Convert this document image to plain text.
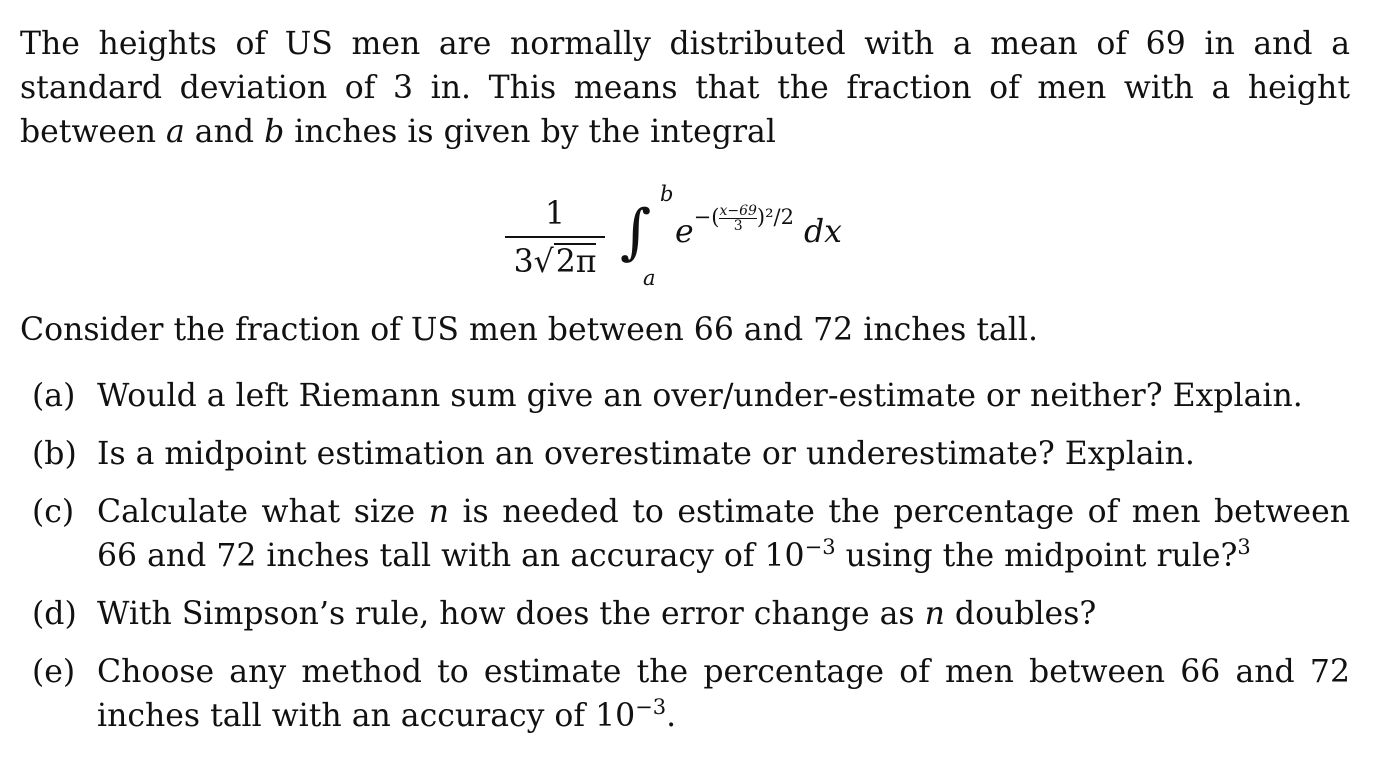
The heights of US men are normally distributed with a mean of 69 in and a standard deviation of 3 in. This means that the fraction of men with a height between a and b inches is given by the integral

1
3√2π ∫
b
a
$e^{-(\frac{x-69}{3})^2/2}$ dx

Consider the fraction of US men between 66 and 72 inches tall.

(a) Would a left Riemann sum give an over/under-estimate or neither? Explain.
(b) Is a midpoint estimation an overestimate or underestimate? Explain.
(c) Calculate what size n is needed to estimate the percentage of men between 66 and 72 inches tall with an accuracy of $10^{-3}$ using the midpoint rule?$^3$
(d) With Simpson’s rule, how does the error change as n doubles?
(e) Choose any method to estimate the percentage of men between 66 and 72 inches tall with an accuracy of $10^{-3}$.
